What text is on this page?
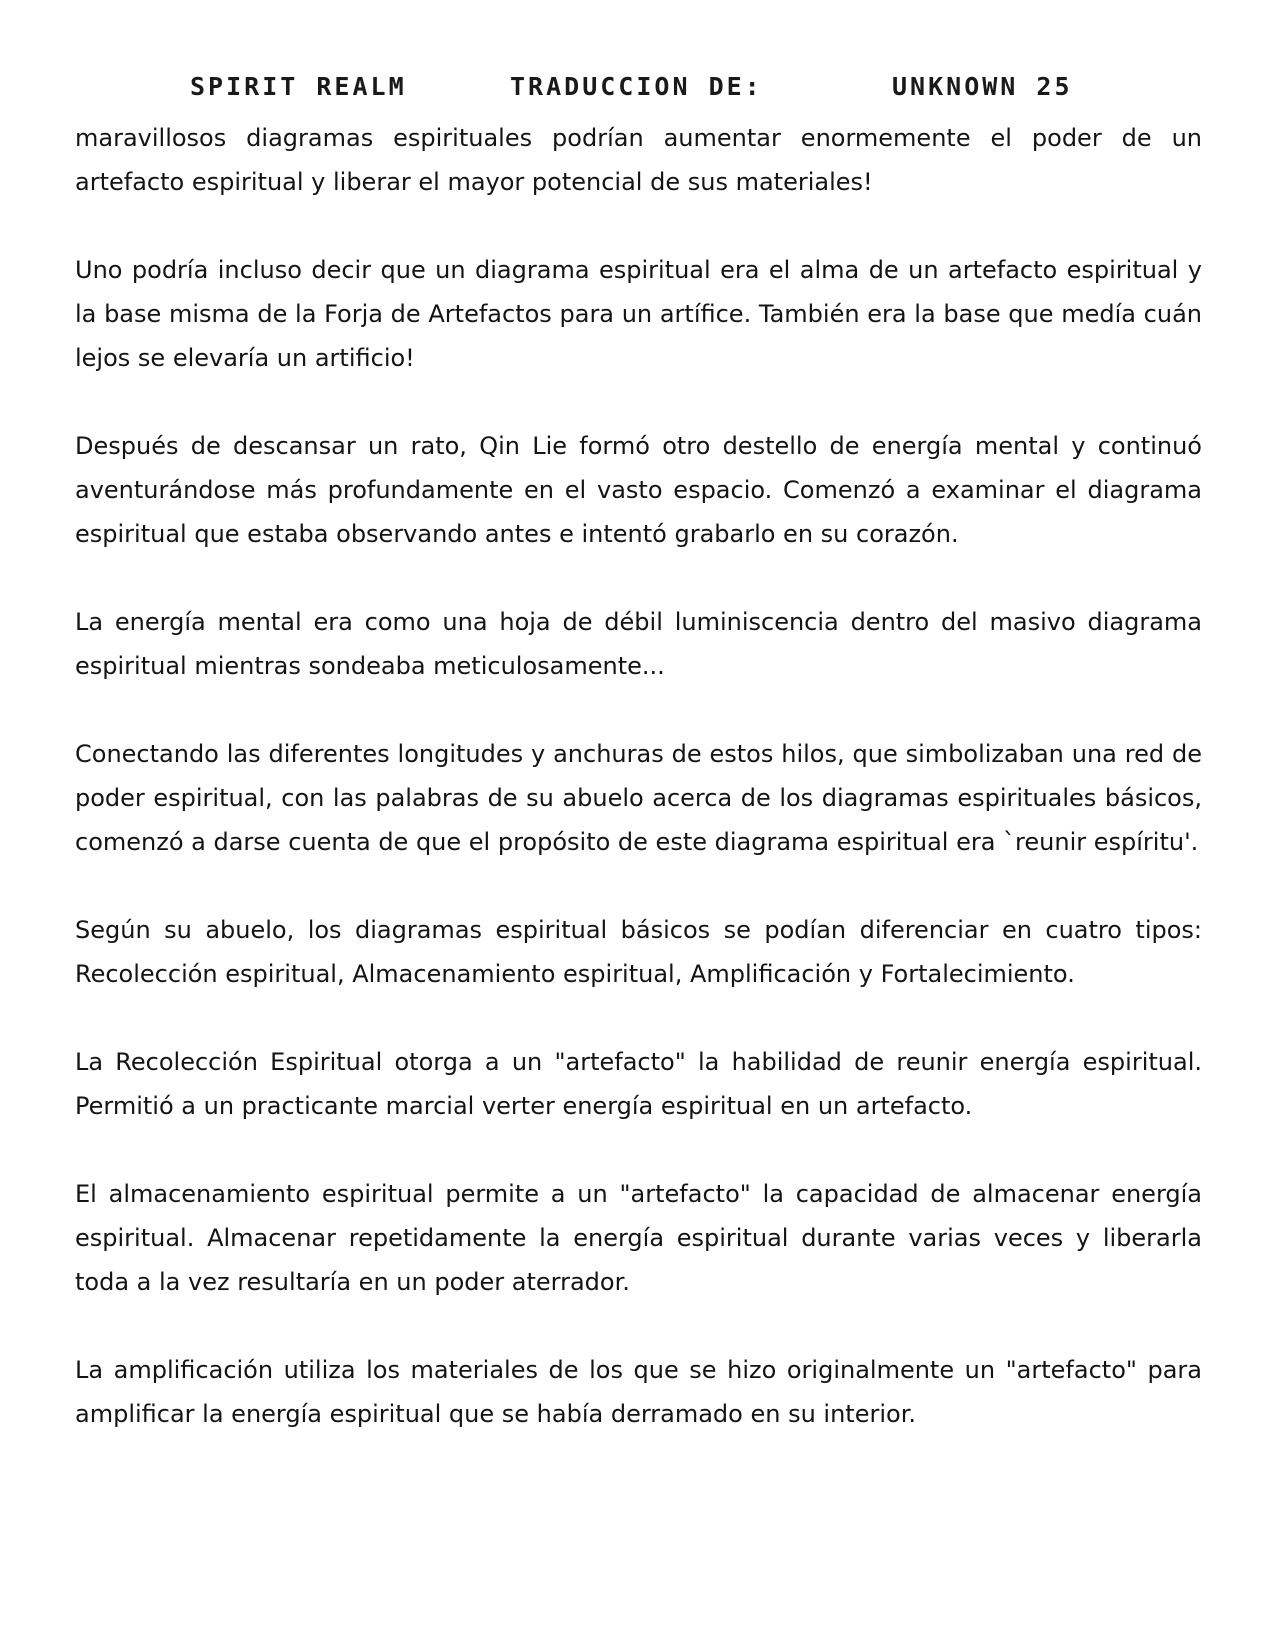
SPIRIT REALM	TRADUCCION DE:	UNKNOWN 25

maravillosos diagramas espirituales podrían aumentar enormemente el poder de un artefacto espiritual y liberar el mayor potencial de sus materiales!

Uno podría incluso decir que un diagrama espiritual era el alma de un artefacto espiritual y la base misma de la Forja de Artefactos para un artífice. También era la base que medía cuán lejos se elevaría un artificio!

Después de descansar un rato, Qin Lie formó otro destello de energía mental y continuó aventurándose más profundamente en el vasto espacio. Comenzó a examinar el diagrama espiritual que estaba observando antes e intentó grabarlo en su corazón.

La energía mental era como una hoja de débil luminiscencia dentro del masivo diagrama espiritual mientras sondeaba meticulosamente...

Conectando las diferentes longitudes y anchuras de estos hilos, que simbolizaban una red de poder espiritual, con las palabras de su abuelo acerca de los diagramas espirituales básicos, comenzó a darse cuenta de que el propósito de este diagrama espiritual era `reunir espíritu'.

Según su abuelo, los diagramas espiritual básicos se podían diferenciar en cuatro tipos: Recolección espiritual, Almacenamiento espiritual, Amplificación y Fortalecimiento.

La Recolección Espiritual otorga a un "artefacto" la habilidad de reunir energía espiritual. Permitió a un practicante marcial verter energía espiritual en un artefacto.

El almacenamiento espiritual permite a un "artefacto" la capacidad de almacenar energía espiritual. Almacenar repetidamente la energía espiritual durante varias veces y liberarla toda a la vez resultaría en un poder aterrador.

La amplificación utiliza los materiales de los que se hizo originalmente un "artefacto" para amplificar la energía espiritual que se había derramado en su interior.
